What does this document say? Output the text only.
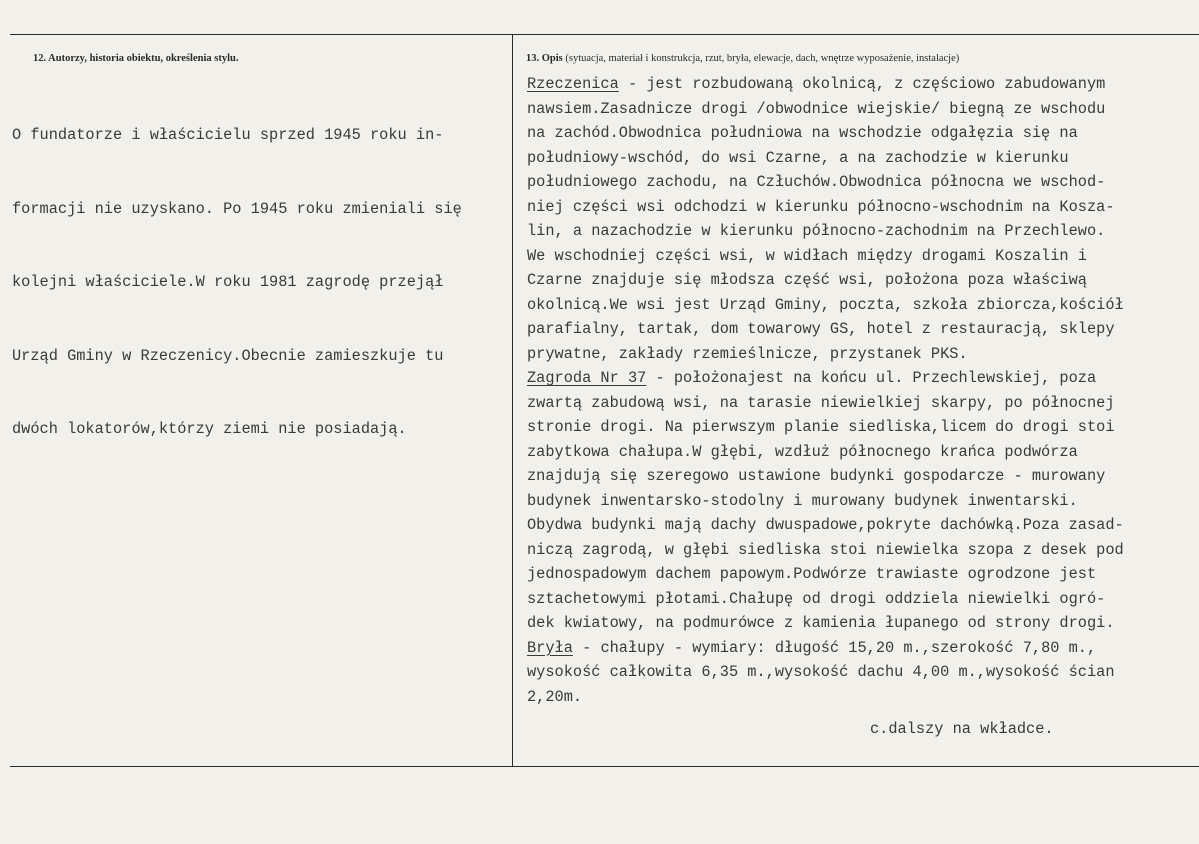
12. Autorzy, historia obiektu, określenia stylu.	13. Opis (sytuacja, materiał i konstrukcja, rzut, bryła, elewacje, dach, wnętrze wyposażenie, instalacje)

O fundatorze i właścicielu sprzed 1945 roku in-

formacji nie uzyskano. Po 1945 roku zmieniali się

kolejni właściciele.W roku 1981 zagrodę przejął

Urząd Gminy w Rzeczenicy.Obecnie zamieszkuje tu

dwóch lokatorów,którzy ziemi nie posiadają.

Rzeczenica - jest rozbudowaną okolnicą, z częściowo zabudowanym
nawsiem.Zasadnicze drogi /obwodnice wiejskie/ biegną ze wschodu
na zachód.Obwodnica południowa na wschodzie odgałęzia się na
południowy-wschód, do wsi Czarne, a na zachodzie w kierunku
południowego zachodu, na Człuchów.Obwodnica północna we wschod-
niej części wsi odchodzi w kierunku północno-wschodnim na Kosza-
lin, a nazachodzie w kierunku północno-zachodnim na Przechlewo.
We wschodniej części wsi, w widłach między drogami Koszalin i
Czarne znajduje się młodsza część wsi, położona poza właściwą
okolnicą.We wsi jest Urząd Gminy, poczta, szkoła zbiorcza,kościół
parafialny, tartak, dom towarowy GS, hotel z restauracją, sklepy
prywatne, zakłady rzemieślnicze, przystanek PKS.
Zagroda Nr 37 - położonajest na końcu ul. Przechlewskiej, poza
zwartą zabudową wsi, na tarasie niewielkiej skarpy, po północnej
stronie drogi. Na pierwszym planie siedliska,licem do drogi stoi
zabytkowa chałupa.W głębi, wzdłuż północnego krańca podwórza
znajdują się szeregowo ustawione budynki gospodarcze - murowany
budynek inwentarsko-stodolny i murowany budynek inwentarski.
Obydwa budynki mają dachy dwuspadowe,pokryte dachówką.Poza zasad-
niczą zagrodą, w głębi siedliska stoi niewielka szopa z desek pod
jednospadowym dachem papowym.Podwórze trawiaste ogrodzone jest
sztachetowymi płotami.Chałupę od drogi oddziela niewielki ogró-
dek kwiatowy, na podmurówce z kamienia łupanego od strony drogi.
Bryła - chałupy - wymiary: długość 15,20 m.,szerokość 7,80 m.,
wysokość całkowita 6,35 m.,wysokość dachu 4,00 m.,wysokość ścian
2,20m.
c.dalszy na wkładce.
